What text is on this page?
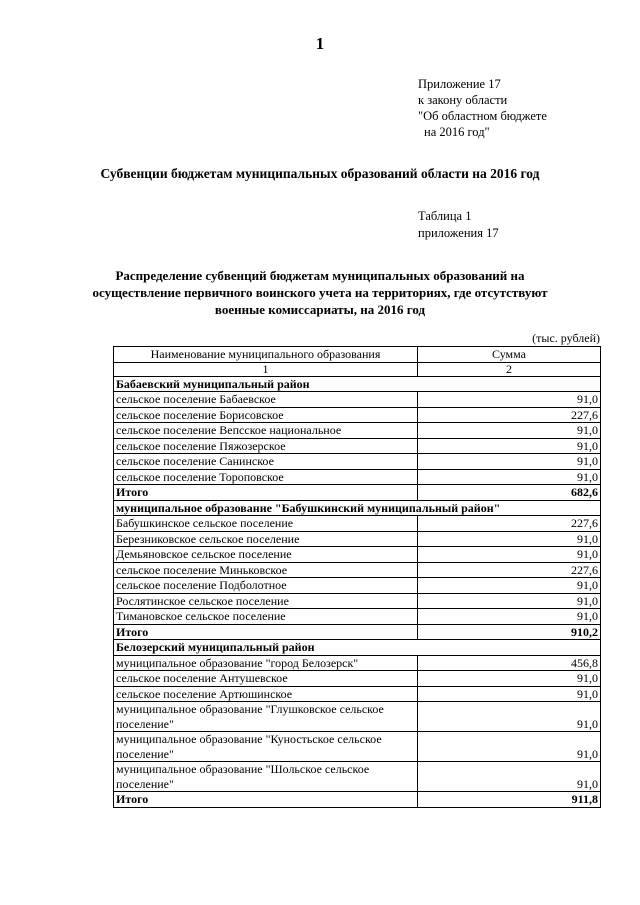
1
Приложение 17
к закону области
"Об областном бюджете
на 2016 год"
Субвенции бюджетам муниципальных образований области на 2016 год
Таблица 1
приложения 17
Распределение субвенций бюджетам муниципальных образований на
осуществление первичного воинского учета на территориях, где отсутствуют
военные комиссариаты, на 2016 год
(тыс. рублей)
Наименование муниципального образования	Сумма
1	2
Бабаевский муниципальный район	
сельское поселение Бабаевское	91,0
сельское поселение Борисовское	227,6
сельское поселение Вепсское национальное	91,0
сельское поселение Пяжозерское	91,0
сельское поселение Санинское	91,0
сельское поселение Тороповское	91,0
Итого	682,6
муниципальное образование "Бабушкинский муниципальный район"	
Бабушкинское сельское поселение	227,6
Березниковское сельское поселение	91,0
Демьяновское сельское поселение	91,0
сельское поселение Миньковское	227,6
сельское поселение Подболотное	91,0
Рослятинское сельское поселение	91,0
Тимановское сельское поселение	91,0
Итого	910,2
Белозерский муниципальный район	
муниципальное образование "город Белозерск"	456,8
сельское поселение Антушевское	91,0
сельское поселение Артюшинское	91,0
муниципальное образование "Глушковское сельское поселение"	91,0
муниципальное образование "Куностьское сельское поселение"	91,0
муниципальное образование "Шольское сельское поселение"	91,0
Итого	911,8
